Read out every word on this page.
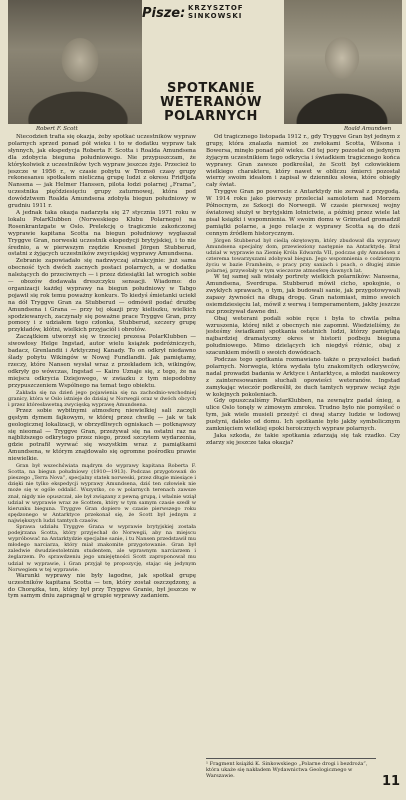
Pisze: KRZYSZTOF SINKOWSKI
SPOTKANIE WETERANÓW POLARNYCH
Robert F. Scott	Roald Amundsen

Niecodzień trafia się okazja, żeby spotkać uczestników wypraw polarnych sprzed ponad pół wieku i to w dodatku wypraw tak słynnych, jak ekspedycja Roberta F. Scotta i Roalda Amundsena dla zdobycia bieguna południowego. Nie przypuszczam, że którykolwiek z uczestników tych wypraw jeszcze żyje. Przecież to jeszcze w 1956 r., w czasie pobytu w Tromsö czasy grupy rekonesansu spotkałem nieliczną grupę ludzi z okresu Fridtjofa Nansena — jak Helmer Hanssen, pilota łodzi polarnej „Frama”, uczestnika pięćdziesięciu grupy zaturmowej, która pod dowództwem Roalda Amundsena zdobyła biegun południowy w grudniu 1911 r.

A jednak taka okazja nadarzyła się 27 stycznia 1971 roku w lokalu PolarKlubben (Norweskiego Klubu Polarnego) na Rosenkrantzgate w Oslo. Prelekcję o tragicznie zakończonej wyprawie kapitana Scotta na biegun południowy wygłaszał Tryggve Gran, norweski uczestnik ekspedycji brytyjskiej, i to nie średnio, a w pierwszym rzędzie Kresnel Jörgen Stubberud, ostatni z żyjących uczestników zwycięskiej wyprawy Amundsena.

Zebranie zapowiadało się nadzwyczaj atrakcyjnie: już sama obecność tych dwóch zacnych postaci polarnych, a w dodatku należących do przeciwnych — i przez dziesiątki lat wrogich sobie — obozów dodawała dreszczyku sensacji. Wiadomo: do organizacji każdej wyprawy na biegun południowy w Tabgo pojawił się rok temu poważny konkurs. To kiedyś śmietanki uciekł na dół Tryggve Gran za Stubberud — odmówił podać drużbę Amundsena i Grana — przy tej okazji przy kieliszku, wielkich spodziewanych, zaczynały się poważne prace Tryggve Gran, przy pomocy i z udziałem tego członka, Stubberud, szczery grupę przykładów, kłótni, wielkich przyjaciół i obrotów.

Zaczątkiem utworzył się w trzeciej prezesa PolarKlubben — siwowłosy Helge Ingstad, autor wielu książek podróżniczych, badacz, Grenlandii i Arktycznej Kanady. To on odkrył niedawno ślady pobytu Wikingów w Nowej Fundlandii. Jak pamiętamy, rzeczy, które Nansen wysłał wraz z przekładem ich, wikingów, odkryły go wówczas, Ingstad — Kairo Uznaje się, z tego, że na miejscu odkrycia Dziejowego, w zwiazku z tym niepodobny przypuszczeniem Wspólnego na temat tego obiektu.

Zakłada się na dzień jego pojawienia się na zachodnio-wschodniej granicy, która w Oslo istnieje do dzisiaj w Norwegii oraz w dwóch obcych i przez któresławetną zwycięską wyprawę Amundsena.

Przez sobie wybitnymi atmosferę niewielkiej sali zaczęli gęstym dymem fajkowym, w której przez chwilę — jak w tak geologicznej lokalizacji, w obrzydliwych ogniskach — potknąwszy się nieomal — Tryggve Gran, przeżywał się na ostatni raz na najbliższego odkrytego przez niego, przed szczytem wydarzenia, gdzie potrafił wyrwać się wszystkim wraz z pamiątkami Amundsena, w którym znajdowało się ogromne pośrodku prawie niewielkie.

Gran był wszechświata mądrym do wyprawy kapitana Roberta F. Scotta, na biegun południowy (1910—1913). Podczas przygotowań do pieszego „Terra Nova”, specjalny statek norweski, przez długie miesiące i dzięki nie tylko ekspedycji wyprawy Amundsena, dziś ten człowiek nie może się w ogóle oddalić. Wszystko, co w polarnych terenach zawsze znał, nigdy nie opuszczał, ale był związany z pewną grupą, i właśnie wziął udział w wyprawie wraz ze Scottem, który w tym samym czasie szedł w kierunku bieguna. Tryggve Gran dopiero w czasie pierwszego roku spędzonego w Antarktyce przekonał się, że Scott był jednym z największych ludzi tamtych czasów.

Sprawa udziału Tryggve Grana w wyprawie brytyjskiej została podejrzana Scotta, który przyjechał do Norwegii, aby na miejscu wypróbować na Antarktydzie specjalne sanie, i tu Nansen przedstawił mu młodego narciarza, który miał znakomite przygotowanie. Gran był zaledwie dwudziestoletnim studentem, ale wprawnym narciarzem i żeglarzem. Po sprawdzeniu jego umiejętności Scott zaproponował mu udział w wyprawie, i Gran przyjął tę propozycję, stając się jedynym Norwegiem w tej wyprawie.

Warunki wyprawy nie były łagodne, jak spotkał grupę uczestników kapitana Scotta — ten, który został oszczędzony, a do Chorążka, ten, który był przy Tryggve Granie, był jeszcze w tym samym dniu zapragnął w grupie wyprawy zadaniem.

Od tragicznego listopada 1912 r., gdy Tryggve Gran był jednym z grupy, która znalazła namiot ze zwłokami Scotta, Wilsona i Bowersa, minęło ponad pół wieku. Od tej pory pozostał on jedynym żyjącym uczestnikiem tego odkrycia i świadkiem tragicznego końca wyprawy. Gran zawsze podkreślał, że Scott był człowiekiem wielkiego charakteru, który nawet w obliczu śmierci pozostał wierny swoim ideałom i zapisał w dzienniku słowa, które obiegły cały świat.

Tryggve Gran po powrocie z Antarktydy nie zerwał z przygodą. W 1914 roku jako pierwszy przeleciał samolotem nad Morzem Północnym, ze Szkocji do Norwegii. W czasie pierwszej wojny światowej służył w brytyjskim lotnictwie, a później przez wiele lat pisał książki i wspomnienia. W swoim domu w Grimstad gromadził pamiątki polarne, a jego relacje z wyprawy Scotta są do dziś cennym źródłem historycznym.

Jörgen Stubberud był cieślą okrętowym, który zbudował dla wyprawy Amundsena specjalny dom, przewieziony następnie na Antarktydę. Brał udział w wyprawie na Ziemię Króla Edwarda VII, podczas gdy Amundsen z czterema towarzyszami zdobywał biegun. Jego wspomnienia o codziennym życiu w bazie Framheim, o pracy przy saniach i psach, o długiej zimie polarnej, przywołały w tym wieczorze atmosferę dawnych lat.

W tej samej sali wisiały portrety wielkich polarników: Nansena, Amundsena, Sverdrupa. Stubberud mówił cicho, spokojnie, o zwykłych sprawach, o tym, jak budowali sanie, jak przygotowywali zapasy żywności na długą drogę. Gran natomiast, mimo swoich osiemdziesięciu lat, mówił z werwą i temperamentem, jakby jeszcze raz przeżywał dawne dni.

Obaj weterani podali sobie ręce i była to chwila pełna wzruszenia, której nikt z obecnych nie zapomni. Wiedzieliśmy, że jesteśmy świadkami spotkania ostatnich ludzi, którzy pamiętają najbardziej dramatyczny okres w historii podboju bieguna południowego. Mimo dzielących ich niegdyś różnic, obaj z szacunkiem mówili o swoich dowódcach.

Podczas tego spotkania rozmawiano także o przyszłości badań polarnych. Norwegia, która wydała tylu znakomitych odkrywców, nadal prowadzi badania w Arktyce i Antarktyce, a młodzi naukowcy z zainteresowaniem słuchali opowieści weteranów. Ingstad zamykając wieczór podkreślił, że duch tamtych wypraw wciąż żyje w kolejnych pokoleniach.

Gdy opuszczaliśmy PolarKlubben, na zewnątrz padał śnieg, a ulice Oslo tonęły w zimowym zmroku. Trudno było nie pomyśleć o tym, jak wiele musieli przeżyć ci dwaj starzy ludzie w lodowej pustyni, daleko od domu. Ich spotkanie było jakby symbolicznym zamknięciem wielkiej epoki heroicznych wypraw polarnych.

Jaka szkoda, że takie spotkania zdarzają się tak rzadko. Czy zdarzy się jeszcze taka okazja?

¹ Fragment książki K. Sinkowskiego „Polarne drogi i bezdroża”, która ukaże się nakładem Wydawnictwa Geologicznego w Warszawie.	11
